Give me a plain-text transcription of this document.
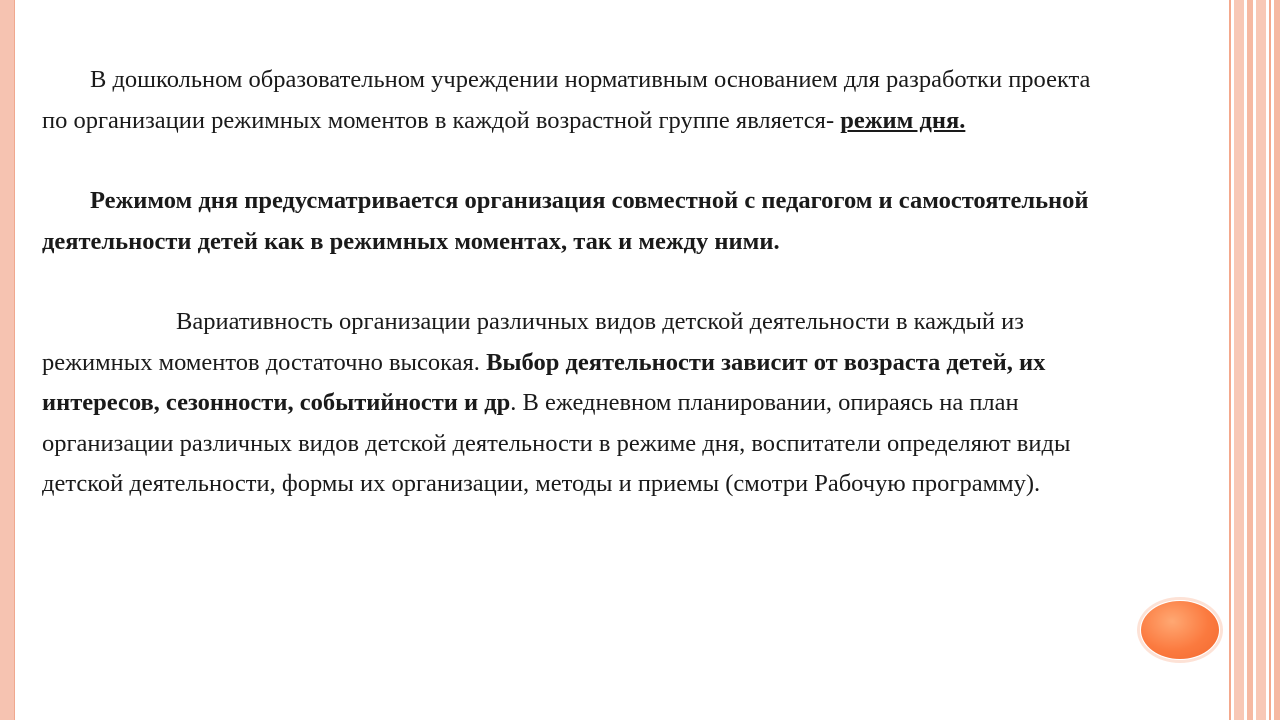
В дошкольном образовательном учреждении нормативным основанием для разработки проекта по организации режимных моментов в каждой возрастной группе является- режим дня.

Режимом дня предусматривается организация совместной с педагогом и самостоятельной деятельности детей как в режимных моментах, так и между ними.

Вариативность организации различных видов детской деятельности в каждый из режимных моментов достаточно высокая. Выбор деятельности зависит от возраста детей, их интересов, сезонности, событийности и др. В ежедневном планировании, опираясь на план организации различных видов детской деятельности в режиме дня, воспитатели определяют виды детской деятельности, формы их организации, методы и приемы (смотри Рабочую программу).
